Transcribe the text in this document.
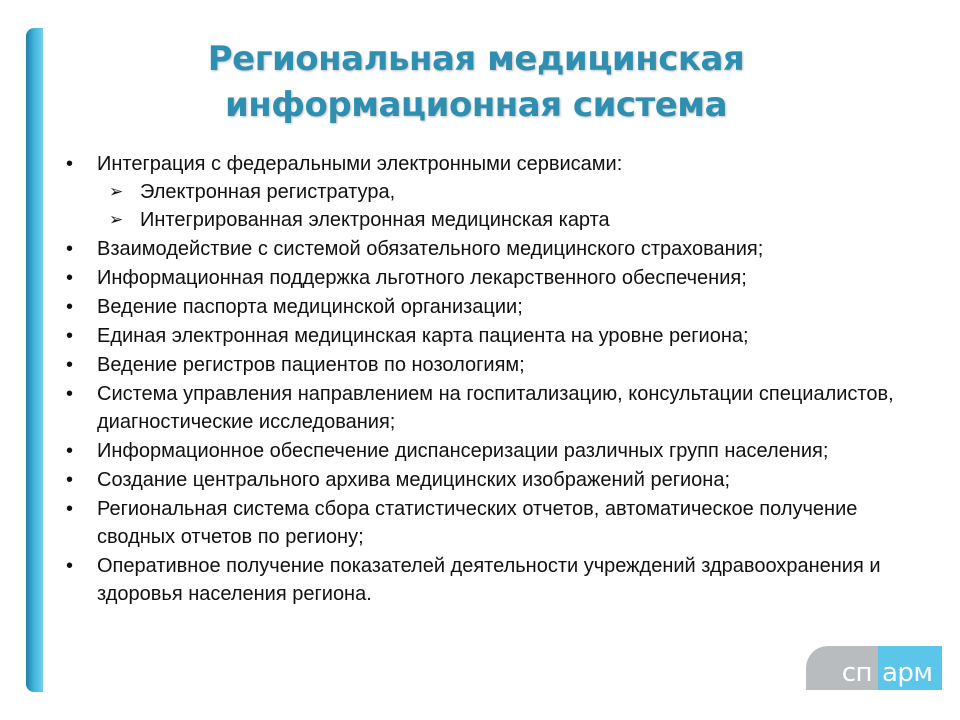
Региональная медицинская
информационная система
•	Интеграция с федеральными электронными сервисами:
➢ Электронная регистратура,
➢ Интегрированная электронная медицинская карта
•	Взаимодействие с системой обязательного медицинского страхования;
•	Информационная поддержка льготного лекарственного обеспечения;
•	Ведение паспорта медицинской организации;
•	Единая электронная медицинская карта пациента на уровне региона;
•	Ведение регистров пациентов по нозологиям;
•	Система управления направлением на госпитализацию, консультации специалистов, диагностические исследования;
•	Информационное обеспечение диспансеризации различных групп населения;
•	Создание центрального архива медицинских изображений региона;
•	Региональная система сбора статистических отчетов, автоматическое получение сводных отчетов по региону;
•	Оперативное получение показателей деятельности учреждений здравоохранения и здоровья населения региона.
сп арм
